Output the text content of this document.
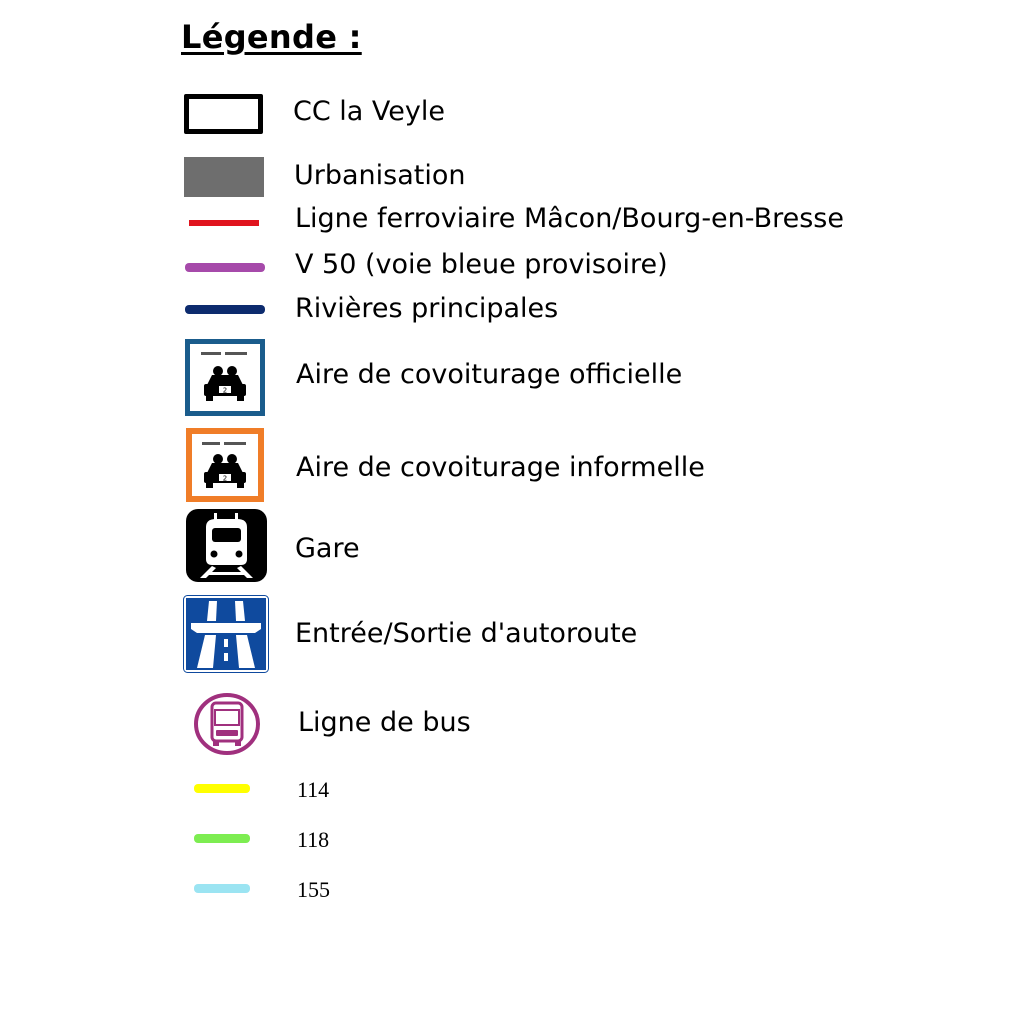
Légende :
CC la Veyle
Urbanisation
Ligne ferroviaire Mâcon/Bourg-en-Bresse
V 50 (voie bleue provisoire)
Rivières principales
2
Aire de covoiturage officielle
2	Aire de covoiturage informelle
Gare
Entrée/Sortie d'autoroute
Ligne de bus
114
118
155
